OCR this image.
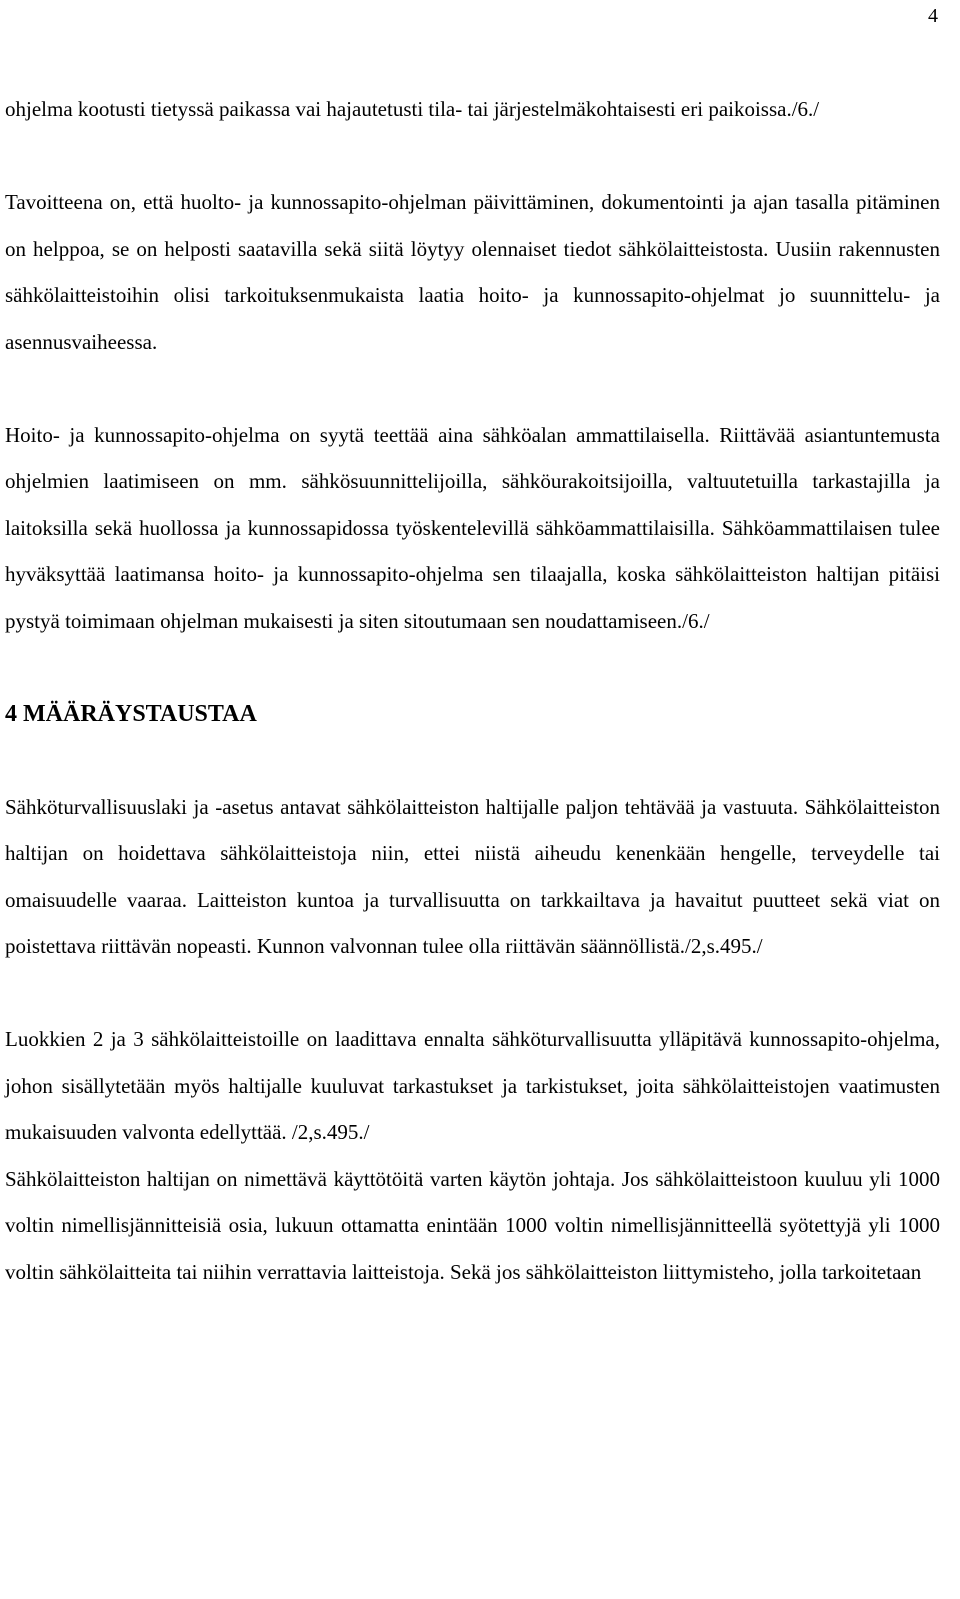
4

ohjelma kootusti tietyssä paikassa vai hajautetusti tila- tai järjestelmäkohtaisesti eri paikoissa./6./

Tavoitteena on, että huolto- ja kunnossapito-ohjelman päivittäminen, dokumentointi ja ajan tasalla pitäminen on helppoa, se on helposti saatavilla sekä siitä löytyy olennaiset tiedot sähkölaitteistosta. Uusiin rakennusten sähkölaitteistoihin olisi tarkoituksenmukaista laatia hoito- ja kunnossapito-ohjelmat jo suunnittelu- ja asennusvaiheessa.

Hoito- ja kunnossapito-ohjelma on syytä teettää aina sähköalan ammattilaisella. Riittävää asiantuntemusta ohjelmien laatimiseen on mm. sähkösuunnittelijoilla, sähköurakoitsijoilla, valtuutetuilla tarkastajilla ja laitoksilla sekä huollossa ja kunnossapidossa työskentelevillä sähköammattilaisilla. Sähköammattilaisen tulee hyväksyttää laatimansa hoito- ja kunnossapito-ohjelma sen tilaajalla, koska sähkölaitteiston haltijan pitäisi pystyä toimimaan ohjelman mukaisesti ja siten sitoutumaan sen noudattamiseen./6./

4 MÄÄRÄYSTAUSTAA

Sähköturvallisuuslaki ja -asetus antavat sähkölaitteiston haltijalle paljon tehtävää ja vastuuta. Sähkölaitteiston haltijan on hoidettava sähkölaitteistoja niin, ettei niistä aiheudu kenenkään hengelle, terveydelle tai omaisuudelle vaaraa. Laitteiston kuntoa ja turvallisuutta on tarkkailtava ja havaitut puutteet sekä viat on poistettava riittävän nopeasti. Kunnon valvonnan tulee olla riittävän säännöllistä./2,s.495./

Luokkien 2 ja 3 sähkölaitteistoille on laadittava ennalta sähköturvallisuutta ylläpitävä kunnossapito-ohjelma, johon sisällytetään myös haltijalle kuuluvat tarkastukset ja tarkistukset, joita sähkölaitteistojen vaatimusten mukaisuuden valvonta edellyttää. /2,s.495./

Sähkölaitteiston haltijan on nimettävä käyttötöitä varten käytön johtaja. Jos sähkölaitteistoon kuuluu yli 1000 voltin nimellisjännitteisiä osia, lukuun ottamatta enintään 1000 voltin nimellisjännitteellä syötettyjä yli 1000 voltin sähkölaitteita tai niihin verrattavia laitteistoja. Sekä jos sähkölaitteiston liittymisteho, jolla tarkoitetaan
